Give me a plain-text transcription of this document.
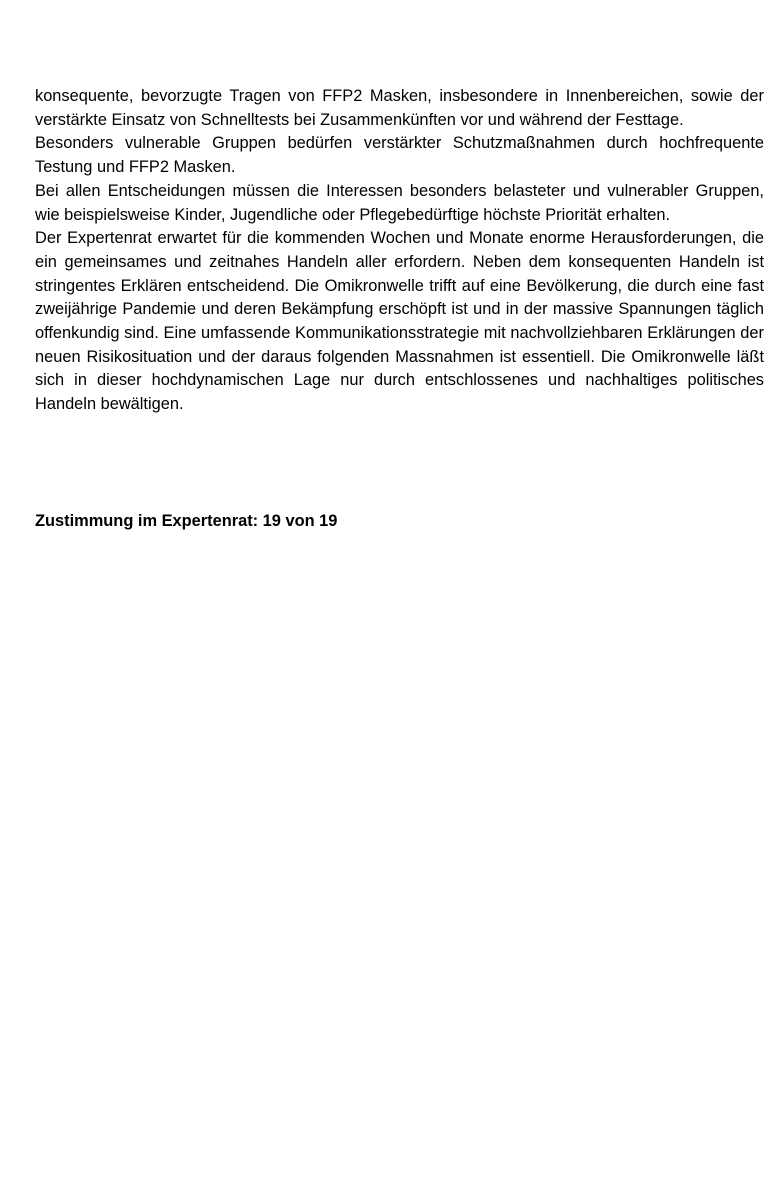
konsequente, bevorzugte Tragen von FFP2 Masken, insbesondere in Innenbereichen, sowie der verstärkte Einsatz von Schnelltests bei Zusammenkünften vor und während der Festtage.

Besonders vulnerable Gruppen bedürfen verstärkter Schutzmaßnahmen durch hochfrequente Testung und FFP2 Masken.

Bei allen Entscheidungen müssen die Interessen besonders belasteter und vulnerabler Gruppen, wie beispielsweise Kinder, Jugendliche oder Pflegebedürftige höchste Priorität erhalten.

Der Expertenrat erwartet für die kommenden Wochen und Monate enorme Herausforderungen, die ein gemeinsames und zeitnahes Handeln aller erfordern. Neben dem konsequenten Handeln ist stringentes Erklären entscheidend. Die Omikronwelle trifft auf eine Bevölkerung, die durch eine fast zweijährige Pandemie und deren Bekämpfung erschöpft ist und in der massive Spannungen täglich offenkundig sind. Eine umfassende Kommunikationsstrategie mit nachvollziehbaren Erklärungen der neuen Risikosituation und der daraus folgenden Massnahmen ist essentiell. Die Omikronwelle läßt sich in dieser hochdynamischen Lage nur durch entschlossenes und nachhaltiges politisches Handeln bewältigen.

Zustimmung im Expertenrat: 19 von 19
